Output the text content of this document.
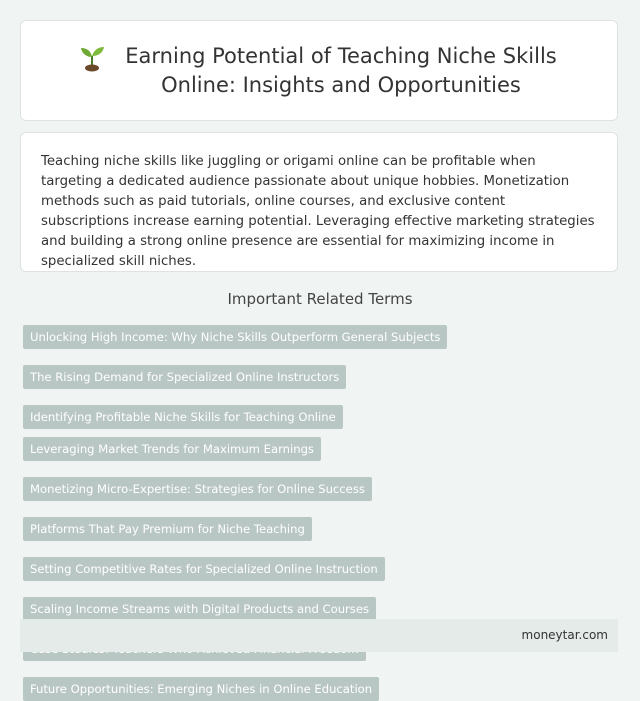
Earning Potential of Teaching Niche Skills Online: Insights and Opportunities

Teaching niche skills like juggling or origami online can be profitable when targeting a dedicated audience passionate about unique hobbies. Monetization methods such as paid tutorials, online courses, and exclusive content subscriptions increase earning potential. Leveraging effective marketing strategies and building a strong online presence are essential for maximizing income in specialized skill niches.

Important Related Terms
Unlocking High Income: Why Niche Skills Outperform General Subjects
The Rising Demand for Specialized Online Instructors
Identifying Profitable Niche Skills for Teaching Online
Leveraging Market Trends for Maximum Earnings
Monetizing Micro-Expertise: Strategies for Online Success
Platforms That Pay Premium for Niche Teaching
Setting Competitive Rates for Specialized Online Instruction
Scaling Income Streams with Digital Products and Courses
Future Opportunities: Emerging Niches in Online Education
moneytar.com
